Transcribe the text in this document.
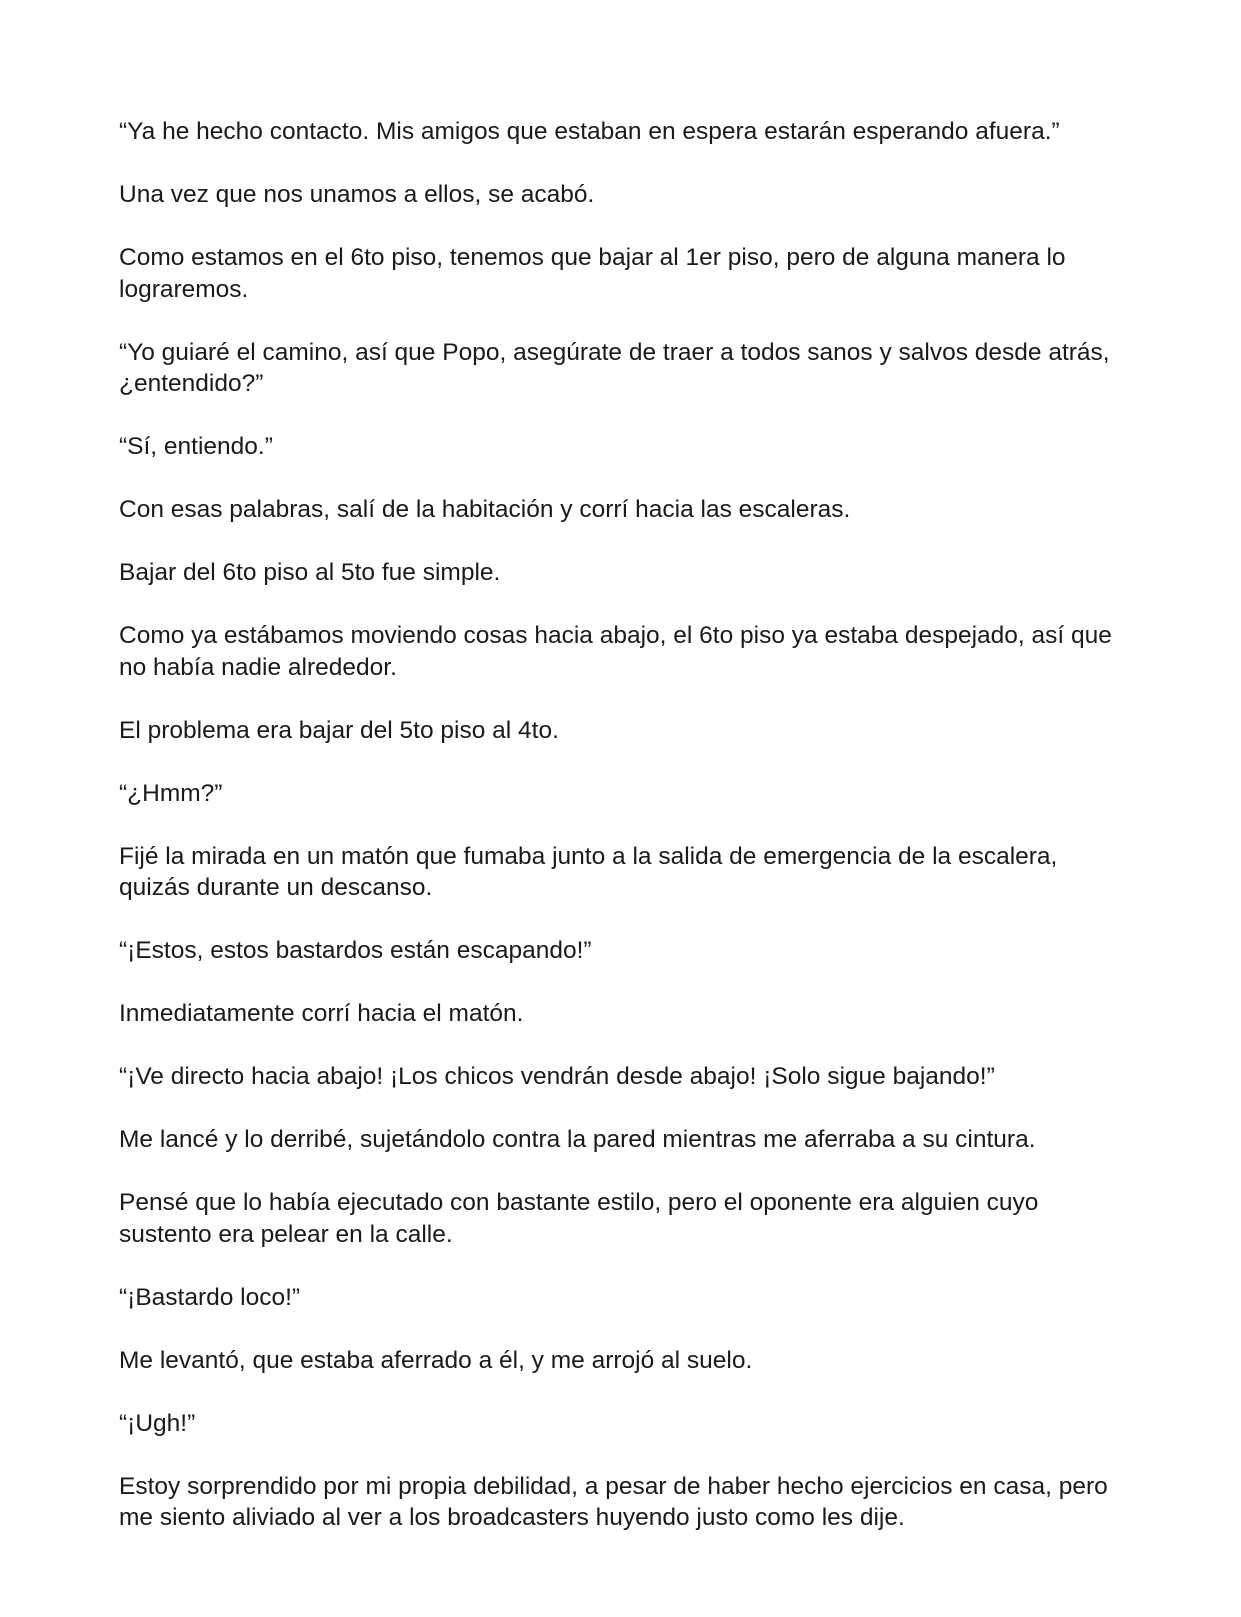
“Ya he hecho contacto. Mis amigos que estaban en espera estarán esperando afuera.”

Una vez que nos unamos a ellos, se acabó.

Como estamos en el 6to piso, tenemos que bajar al 1er piso, pero de alguna manera lo lograremos.

“Yo guiaré el camino, así que Popo, asegúrate de traer a todos sanos y salvos desde atrás, ¿entendido?”

“Sí, entiendo.”

Con esas palabras, salí de la habitación y corrí hacia las escaleras.

Bajar del 6to piso al 5to fue simple.

Como ya estábamos moviendo cosas hacia abajo, el 6to piso ya estaba despejado, así que no había nadie alrededor.

El problema era bajar del 5to piso al 4to.

“¿Hmm?”

Fijé la mirada en un matón que fumaba junto a la salida de emergencia de la escalera, quizás durante un descanso.

“¡Estos, estos bastardos están escapando!”

Inmediatamente corrí hacia el matón.

“¡Ve directo hacia abajo! ¡Los chicos vendrán desde abajo! ¡Solo sigue bajando!”

Me lancé y lo derribé, sujetándolo contra la pared mientras me aferraba a su cintura.

Pensé que lo había ejecutado con bastante estilo, pero el oponente era alguien cuyo sustento era pelear en la calle.

“¡Bastardo loco!”

Me levantó, que estaba aferrado a él, y me arrojó al suelo.

“¡Ugh!”

Estoy sorprendido por mi propia debilidad, a pesar de haber hecho ejercicios en casa, pero me siento aliviado al ver a los broadcasters huyendo justo como les dije.
